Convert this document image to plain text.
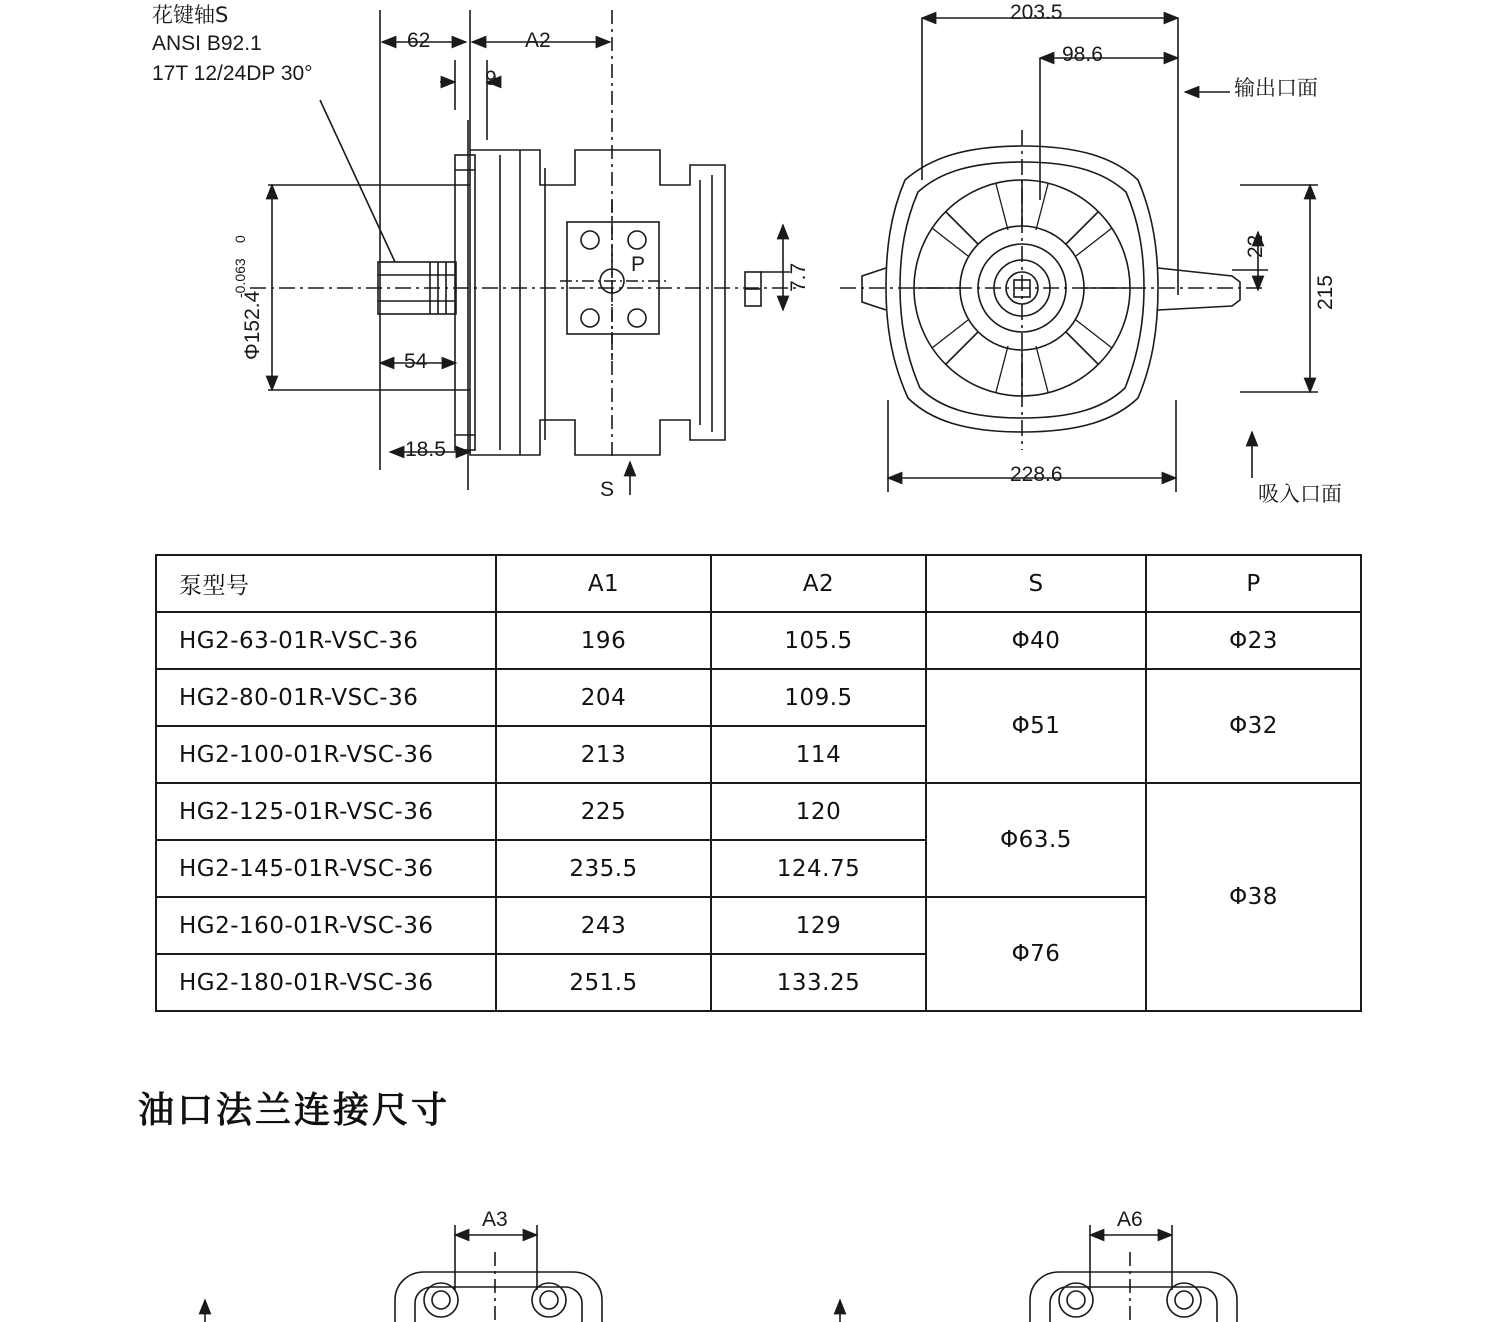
花键轴S
ANSI B92.1
17T 12/24DP 30°
62	A2
9
54
18.5
7.7
P
S
Φ152.4
0
-0.063
203.5
98.6
228.6
215
22
输出口面
吸入口面
A3	A6
泵型号	A1	A2	S	P
HG2-63-01R-VSC-36	196	105.5	Φ40	Φ23
HG2-80-01R-VSC-36	204	109.5	Φ51	Φ32
HG2-100-01R-VSC-36	213	114		
HG2-125-01R-VSC-36	225	120	Φ63.5	Φ38
HG2-145-01R-VSC-36	235.5	124.75		
HG2-160-01R-VSC-36	243	129	Φ76	
HG2-180-01R-VSC-36	251.5	133.25		
油口法兰连接尺寸
